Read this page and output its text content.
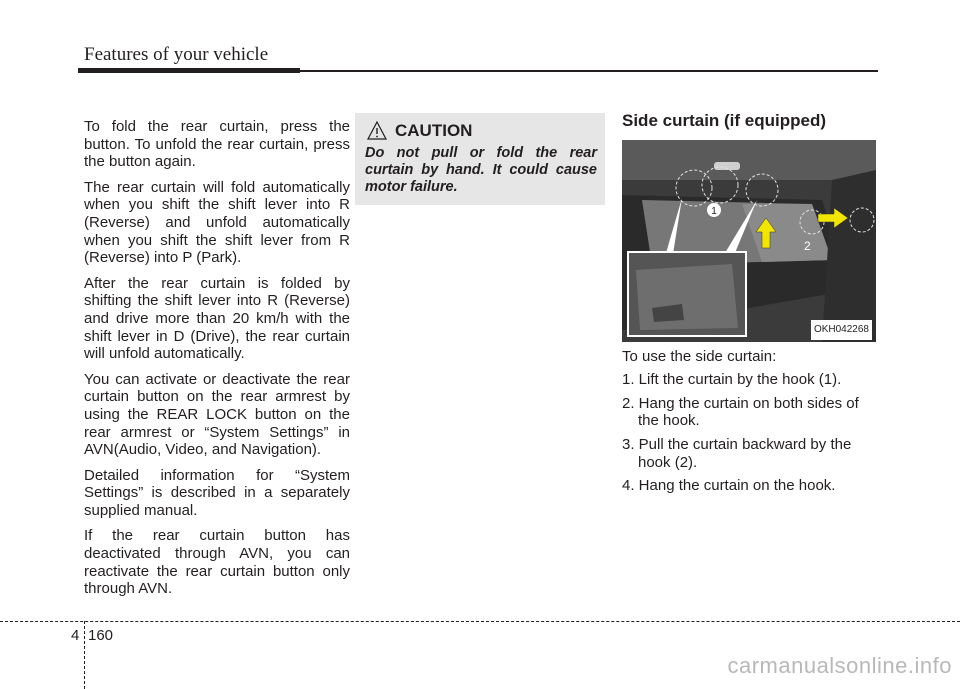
Features of your vehicle

To fold the rear curtain, press the button. To unfold the rear curtain, press the button again.

The rear curtain will fold automatically when you shift the shift lever into R (Reverse) and unfold automatically when you shift the shift lever from R (Reverse) into P (Park).

After the rear curtain is folded by shifting the shift lever into R (Reverse) and drive more than 20 km/h with the shift lever in D (Drive), the rear curtain will unfold automatically.

You can activate or deactivate the rear curtain button on the rear armrest by using the REAR LOCK button on the rear armrest or “System Settings” in AVN(Audio, Video, and Navigation).

Detailed information for “System Settings” is described in a separately supplied manual.

If the rear curtain button has deactivated through AVN, you can reactivate the rear curtain button only through AVN.

CAUTION
Do not pull or fold the rear curtain by hand. It could cause motor failure.
Side curtain (if equipped)
1
2
OKH042268

To use the side curtain:

1. Lift the curtain by the hook (1).
2. Hang the curtain on both sides of the hook.
3. Pull the curtain backward by the hook (2).
4. Hang the curtain on the hook.
4 160
carmanualsonline.info
